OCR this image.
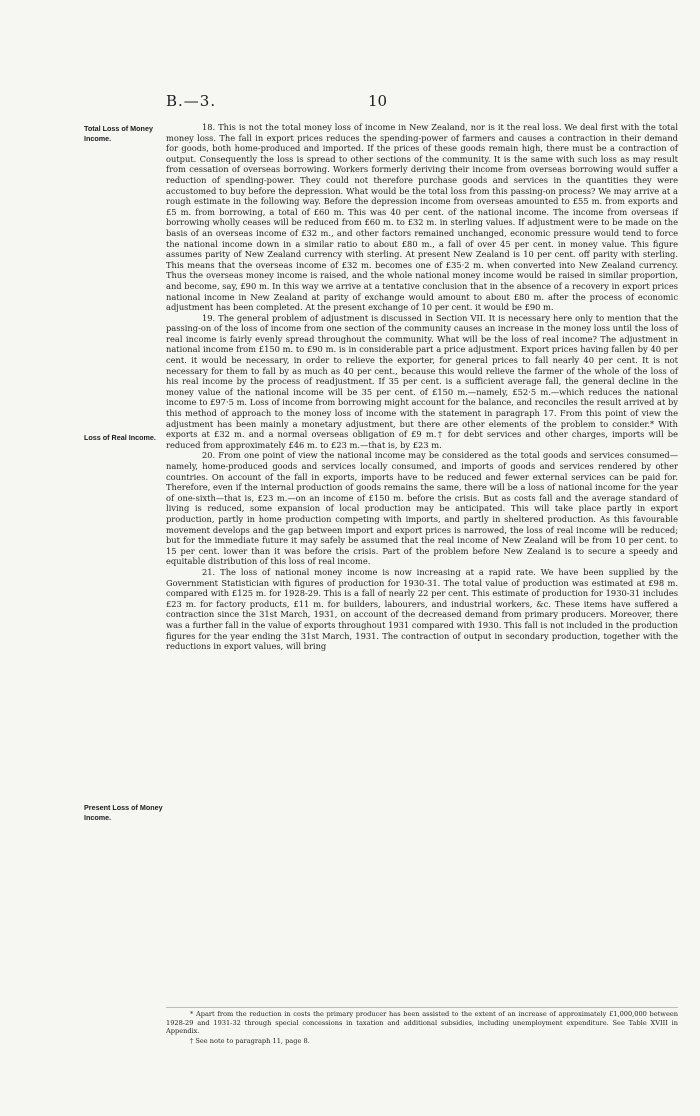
B.—3.	10
Total Loss of Money Income.
Loss of Real Income.
Present Loss of Money Income.

18. This is not the total money loss of income in New Zealand, nor is it the real loss. We deal first with the total money loss. The fall in export prices reduces the spending-power of farmers and causes a contraction in their demand for goods, both home-produced and imported. If the prices of these goods remain high, there must be a contraction of output. Consequently the loss is spread to other sections of the community. It is the same with such loss as may result from cessation of overseas borrowing. Workers formerly deriving their income from overseas borrowing would suffer a reduction of spending-power. They could not therefore purchase goods and services in the quantities they were accustomed to buy before the depression. What would be the total loss from this passing-on process? We may arrive at a rough estimate in the following way. Before the depression income from overseas amounted to £55 m. from exports and £5 m. from borrowing, a total of £60 m. This was 40 per cent. of the national income. The income from overseas if borrowing wholly ceases will be reduced from £60 m. to £32 m. in sterling values. If adjustment were to be made on the basis of an overseas income of £32 m., and other factors remained unchanged, economic pressure would tend to force the national income down in a similar ratio to about £80 m., a fall of over 45 per cent. in money value. This figure assumes parity of New Zealand currency with sterling. At present New Zealand is 10 per cent. off parity with sterling. This means that the overseas income of £32 m. becomes one of £35·2 m. when converted into New Zealand currency. Thus the overseas money income is raised, and the whole national money income would be raised in similar proportion, and become, say, £90 m. In this way we arrive at a tentative conclusion that in the absence of a recovery in export prices national income in New Zealand at parity of exchange would amount to about £80 m. after the process of economic adjustment has been completed. At the present exchange of 10 per cent. it would be £90 m.

19. The general problem of adjustment is discussed in Section VII. It is necessary here only to mention that the passing-on of the loss of income from one section of the community causes an increase in the money loss until the loss of real income is fairly evenly spread throughout the community. What will be the loss of real income? The adjustment in national income from £150 m. to £90 m. is in considerable part a price adjustment. Export prices having fallen by 40 per cent. it would be necessary, in order to relieve the exporter, for general prices to fall nearly 40 per cent. It is not necessary for them to fall by as much as 40 per cent., because this would relieve the farmer of the whole of the loss of his real income by the process of readjustment. If 35 per cent. is a sufficient average fall, the general decline in the money value of the national income will be 35 per cent. of £150 m.—namely, £52·5 m.—which reduces the national income to £97·5 m. Loss of income from borrowing might account for the balance, and reconciles the result arrived at by this method of approach to the money loss of income with the statement in paragraph 17. From this point of view the adjustment has been mainly a monetary adjustment, but there are other elements of the problem to consider.* With exports at £32 m. and a normal overseas obligation of £9 m.† for debt services and other charges, imports will be reduced from approximately £46 m. to £23 m.—that is, by £23 m.

20. From one point of view the national income may be considered as the total goods and services consumed—namely, home-produced goods and services locally consumed, and imports of goods and services rendered by other countries. On account of the fall in exports, imports have to be reduced and fewer external services can be paid for. Therefore, even if the internal production of goods remains the same, there will be a loss of national income for the year of one-sixth—that is, £23 m.—on an income of £150 m. before the crisis. But as costs fall and the average standard of living is reduced, some expansion of local production may be anticipated. This will take place partly in export production, partly in home production competing with imports, and partly in sheltered production. As this favourable movement develops and the gap between import and export prices is narrowed, the loss of real income will be reduced; but for the immediate future it may safely be assumed that the real income of New Zealand will be from 10 per cent. to 15 per cent. lower than it was before the crisis. Part of the problem before New Zealand is to secure a speedy and equitable distribution of this loss of real income.

21. The loss of national money income is now increasing at a rapid rate. We have been supplied by the Government Statistician with figures of production for 1930-31. The total value of production was estimated at £98 m. compared with £125 m. for 1928-29. This is a fall of nearly 22 per cent. This estimate of production for 1930-31 includes £23 m. for factory products, £11 m. for builders, labourers, and industrial workers, &c. These items have suffered a contraction since the 31st March, 1931, on account of the decreased demand from primary producers. Moreover, there was a further fall in the value of exports throughout 1931 compared with 1930. This fall is not included in the production figures for the year ending the 31st March, 1931. The contraction of output in secondary production, together with the reductions in export values, will bring

* Apart from the reduction in costs the primary producer has been assisted to the extent of an increase of approximately £1,000,000 between 1928-29 and 1931-32 through special concessions in taxation and additional subsidies, including unemployment expenditure. See Table XVIII in Appendix.

† See note to paragraph 11, page 8.
